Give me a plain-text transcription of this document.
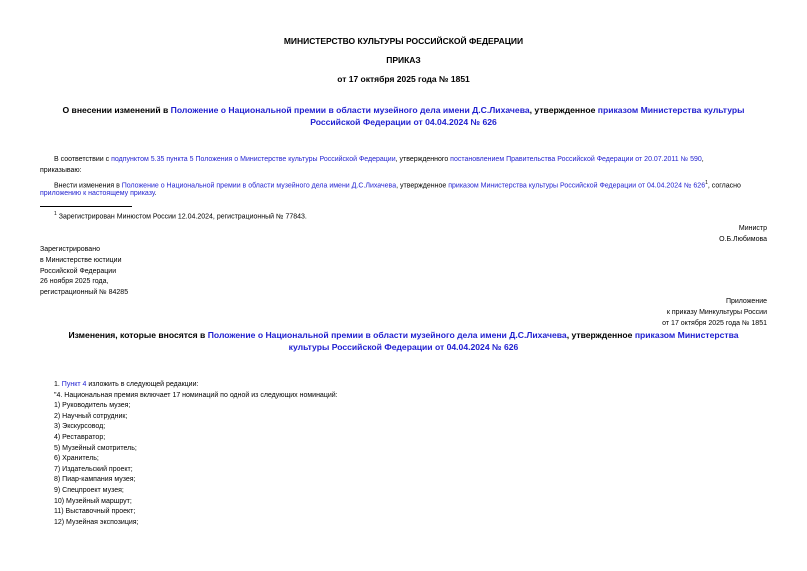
МИНИСТЕРСТВО КУЛЬТУРЫ РОССИЙСКОЙ ФЕДЕРАЦИИ
ПРИКАЗ
от 17 октября 2025 года № 1851
О внесении изменений в Положение о Национальной премии в области музейного дела имени Д.С.Лихачева, утвержденное приказом Министерства культуры
Российской Федерации от 04.04.2024 № 626
В соответствии с подпунктом 5.35 пункта 5 Положения о Министерстве культуры Российской Федерации, утвержденного постановлением Правительства Российской Федерации от 20.07.2011 № 590,
приказываю:
Внести изменения в Положение о Национальной премии в области музейного дела имени Д.С.Лихачева, утвержденное приказом Министерства культуры Российской Федерации от 04.04.2024 № $626^1$, согласно
приложению к настоящему приказу.
$^1$ Зарегистрирован Минюстом России 12.04.2024, регистрационный № 77843.
Министр
О.Б.Любимова
Зарегистрировано
в Министерстве юстиции
Российской Федерации
26 ноября 2025 года,
регистрационный № 84285
Приложение
к приказу Минкультуры России
от 17 октября 2025 года № 1851
Изменения, которые вносятся в Положение о Национальной премии в области музейного дела имени Д.С.Лихачева, утвержденное приказом Министерства
культуры Российской Федерации от 04.04.2024 № 626
1. Пункт 4 изложить в следующей редакции:
"4. Национальная премия включает 17 номинаций по одной из следующих номинаций:
1) Руководитель музея;
2) Научный сотрудник;
3) Экскурсовод;
4) Реставратор;
5) Музейный смотритель;
6) Хранитель;
7) Издательский проект;
8) Пиар-кампания музея;
9) Спецпроект музея;
10) Музейный маршрут;
11) Выставочный проект;
12) Музейная экспозиция;
